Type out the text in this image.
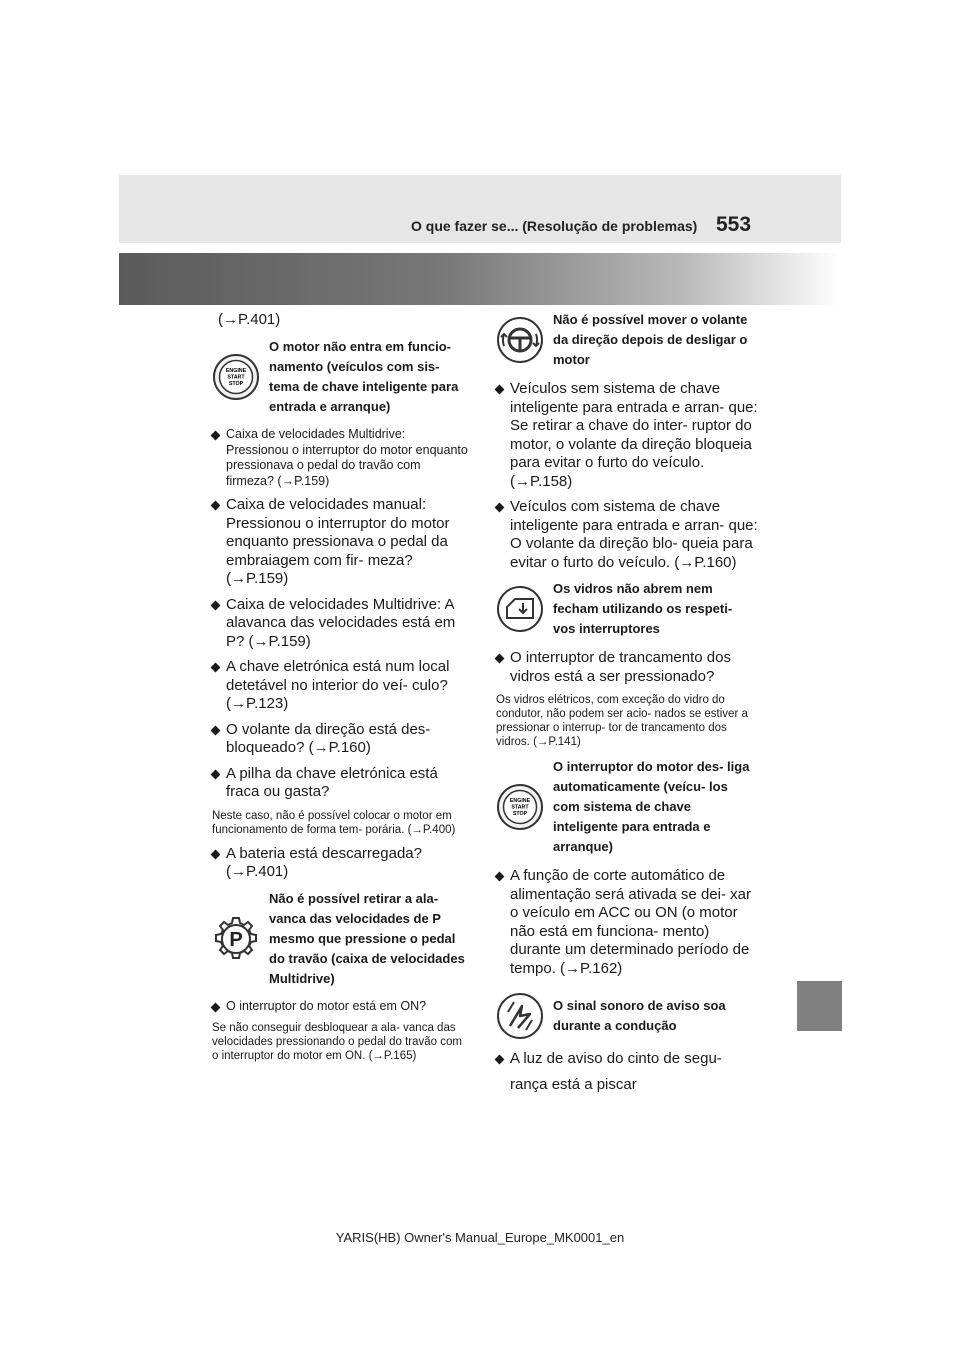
O que fazer se... (Resolução de problemas) 553
(→P.401)
ENGINE
START
STOP
O motor não entra em funcio- namento (veículos com sis- tema de chave inteligente para entrada e arranque)
Caixa de velocidades Multidrive: Pressionou o interruptor do motor enquanto pressionava o pedal do travão com firmeza? (→P.159)
Caixa de velocidades manual: Pressionou o interruptor do motor enquanto pressionava o pedal da embraiagem com fir- meza? (→P.159)
Caixa de velocidades Multidrive: A alavanca das velocidades está em P? (→P.159)
A chave eletrónica está num local detetável no interior do veí- culo? (→P.123)
O volante da direção está des- bloqueado? (→P.160)
A pilha da chave eletrónica está fraca ou gasta?
Neste caso, não é possível colocar o motor em funcionamento de forma tem- porária. (→P.400)
A bateria está descarregada? (→P.401)
P
Não é possível retirar a ala- vanca das velocidades de P mesmo que pressione o pedal do travão (caixa de velocidades Multidrive)
O interruptor do motor está em ON?
Se não conseguir desbloquear a ala- vanca das velocidades pressionando o pedal do travão com o interruptor do motor em ON. (→P.165)
Não é possível mover o volante da direção depois de desligar o motor
Veículos sem sistema de chave inteligente para entrada e arran- que: Se retirar a chave do inter- ruptor do motor, o volante da direção bloqueia para evitar o furto do veículo. (→P.158)
Veículos com sistema de chave inteligente para entrada e arran- que: O volante da direção blo- queia para evitar o furto do veículo. (→P.160)
Os vidros não abrem nem fecham utilizando os respeti- vos interruptores
O interruptor de trancamento dos vidros está a ser pressionado?
Os vidros elétricos, com exceção do vidro do condutor, não podem ser acio- nados se estiver a pressionar o interrup- tor de trancamento dos vidros. (→P.141)
ENGINE
START
STOP
O interruptor do motor des- liga automaticamente (veícu- los com sistema de chave inteligente para entrada e arranque)
A função de corte automático de alimentação será ativada se dei- xar o veículo em ACC ou ON (o motor não está em funciona- mento) durante um determinado período de tempo. (→P.162)
O sinal sonoro de aviso soa durante a condução
A luz de aviso do cinto de segu-
rança está a piscar
YARIS(HB) Owner's Manual_Europe_MK0001_en
